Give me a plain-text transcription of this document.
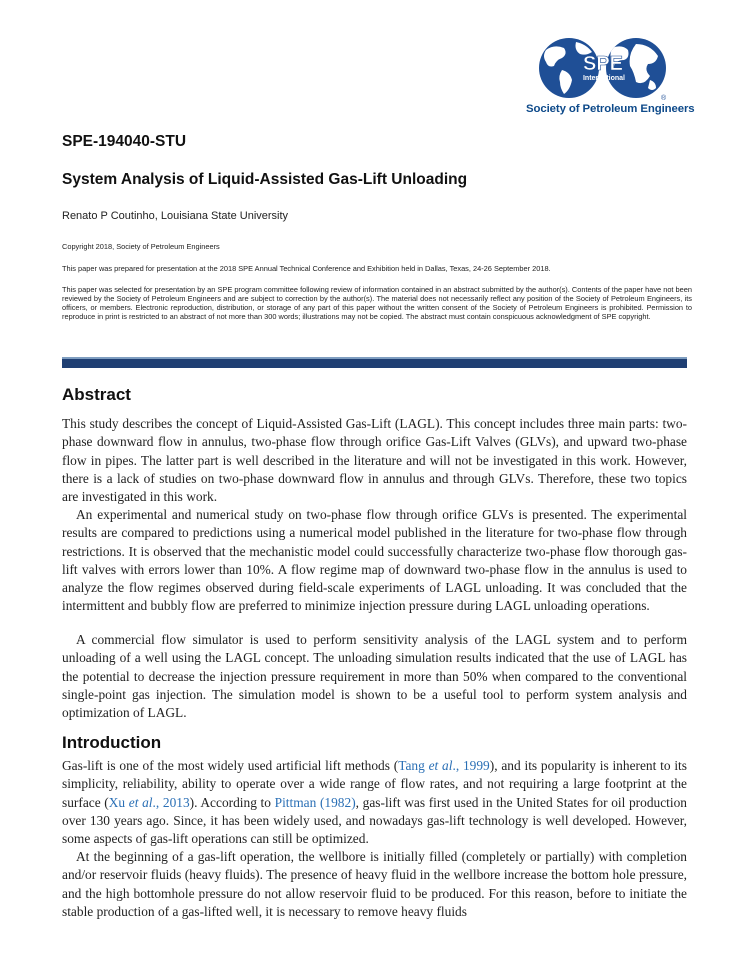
SPE
International
®
Society of Petroleum Engineers
SPE-194040-STU
System Analysis of Liquid-Assisted Gas-Lift Unloading
Renato P Coutinho, Louisiana State University
Copyright 2018, Society of Petroleum Engineers
This paper was prepared for presentation at the 2018 SPE Annual Technical Conference and Exhibition held in Dallas, Texas, 24-26 September 2018.
This paper was selected for presentation by an SPE program committee following review of information contained in an abstract submitted by the author(s). Contents of the paper have not been reviewed by the Society of Petroleum Engineers and are subject to correction by the author(s). The material does not necessarily reflect any position of the Society of Petroleum Engineers, its officers, or members. Electronic reproduction, distribution, or storage of any part of this paper without the written consent of the Society of Petroleum Engineers is prohibited. Permission to reproduce in print is restricted to an abstract of not more than 300 words; illustrations may not be copied. The abstract must contain conspicuous acknowledgment of SPE copyright.
Abstract

This study describes the concept of Liquid-Assisted Gas-Lift (LAGL). This concept includes three main parts: two-phase downward flow in annulus, two-phase flow through orifice Gas-Lift Valves (GLVs), and upward two-phase flow in pipes. The latter part is well described in the literature and will not be investigated in this work. However, there is a lack of studies on two-phase downward flow in annulus and through GLVs. Therefore, these two topics are investigated in this work.

An experimental and numerical study on two-phase flow through orifice GLVs is presented. The experimental results are compared to predictions using a numerical model published in the literature for two-phase flow through restrictions. It is observed that the mechanistic model could successfully characterize two-phase flow thorough gas-lift valves with errors lower than 10%. A flow regime map of downward two-phase flow in the annulus is used to analyze the flow regimes observed during field-scale experiments of LAGL unloading. It was concluded that the intermittent and bubbly flow are preferred to minimize injection pressure during LAGL unloading operations.

A commercial flow simulator is used to perform sensitivity analysis of the LAGL system and to perform unloading of a well using the LAGL concept. The unloading simulation results indicated that the use of LAGL has the potential to decrease the injection pressure requirement in more than 50% when compared to the conventional single-point gas injection. The simulation model is shown to be a useful tool to perform system analysis and optimization of LAGL.

Introduction

Gas-lift is one of the most widely used artificial lift methods (Tang et al., 1999), and its popularity is inherent to its simplicity, reliability, ability to operate over a wide range of flow rates, and not requiring a large footprint at the surface (Xu et al., 2013). According to Pittman (1982), gas-lift was first used in the United States for oil production over 130 years ago. Since, it has been widely used, and nowadays gas-lift technology is well developed. However, some aspects of gas-lift operations can still be optimized.

At the beginning of a gas-lift operation, the wellbore is initially filled (completely or partially) with completion and/or reservoir fluids (heavy fluids). The presence of heavy fluid in the wellbore increase the bottom hole pressure, and the high bottomhole pressure do not allow reservoir fluid to be produced. For this reason, before to initiate the stable production of a gas-lifted well, it is necessary to remove heavy fluids
